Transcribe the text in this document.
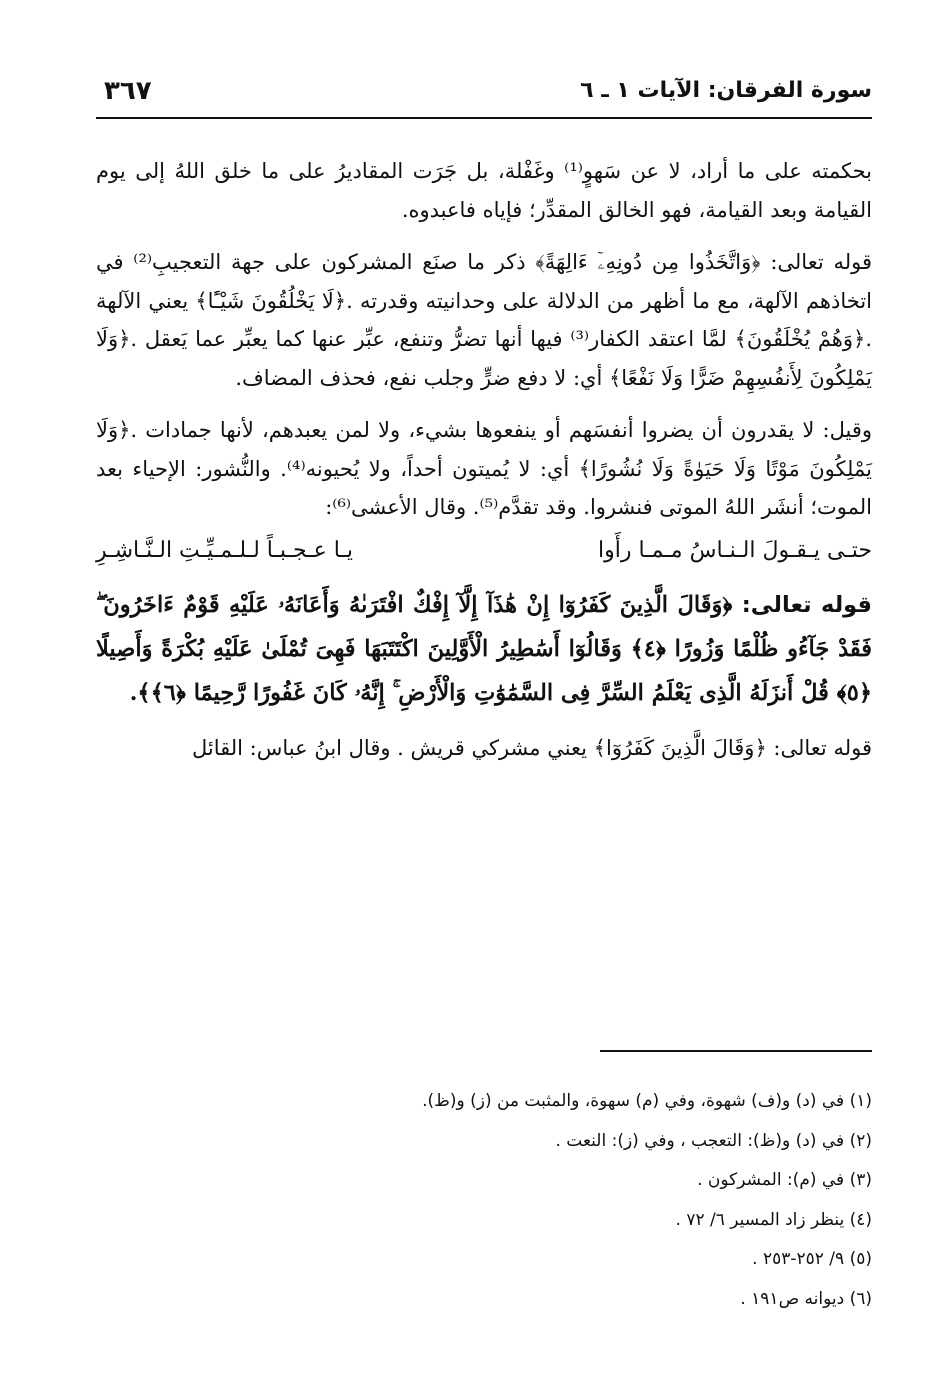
سورة الفرقان: الآيات ١ ـ ٦
٣٦٧

بحكمته على ما أراد، لا عن سَهوٍ⁽¹⁾ وغَفْلة، بل جَرَت المقاديرُ على ما خلق اللهُ إلى يوم القيامة وبعد القيامة، فهو الخالق المقدِّر؛ فإياه فاعبدوه.

قوله تعالى: ﴿وَاتَّخَذُوا مِن دُونِهِۦٓ ءَالِهَةً﴾ ذكر ما صنَع المشركون على جهة التعجيبِ⁽²⁾ في اتخاذهم الآلهة، مع ما أظهر من الدلالة على وحدانيته وقدرته .﴿لَا يَخْلُقُونَ شَيْـًٔا﴾ يعني الآلهة .﴿وَهُمْ يُخْلَقُونَ﴾ لمَّا اعتقد الكفار⁽³⁾ فيها أنها تضرُّ وتنفع، عبِّر عنها كما يعبِّر عما يَعقل .﴿وَلَا يَمْلِكُونَ لِأَنفُسِهِمْ ضَرًّا وَلَا نَفْعًا﴾ أي: لا دفع ضرٍّ وجلب نفع، فحذف المضاف.

وقيل: لا يقدرون أن يضروا أنفسَهم أو ينفعوها بشيء، ولا لمن يعبدهم، لأنها جمادات .﴿وَلَا يَمْلِكُونَ مَوْتًا وَلَا حَيَوٰةً وَلَا نُشُورًا﴾ أي: لا يُميتون أحداً، ولا يُحيونه⁽⁴⁾. والنُّشور: الإحياء بعد الموت؛ أنشَر اللهُ الموتى فنشروا. وقد تقدَّم⁽⁵⁾. وقال الأعشى⁽⁶⁾:

حتـى يـقـولَ الـنـاسُ مـمـا رأَوا
يـا عـجـبـاً لـلـمـيِّـتِ الـنَّـاشِـرِ

قوله تعالى: ﴿وَقَالَ الَّذِينَ كَفَرُوٓا إِنْ هَٰذَآ إِلَّآ إِفْكٌ افْتَرَىٰهُ وَأَعَانَهُۥ عَلَيْهِ قَوْمٌ ءَاخَرُونَ ۖ فَقَدْ جَآءُو ظُلْمًا وَزُورًا ﴿٤﴾ وَقَالُوٓا أَسَٰطِيرُ الْأَوَّلِينَ اكْتَتَبَهَا فَهِىَ تُمْلَىٰ عَلَيْهِ بُكْرَةً وَأَصِيلًا ﴿٥﴾ قُلْ أَنزَلَهُ الَّذِى يَعْلَمُ السِّرَّ فِى السَّمَٰوَٰتِ وَالْأَرْضِ ۚ إِنَّهُۥ كَانَ غَفُورًا رَّحِيمًا ﴿٦﴾﴾.

قوله تعالى: ﴿وَقَالَ الَّذِينَ كَفَرُوٓا﴾ يعني مشركي قريش . وقال ابنُ عباس: القائل

(١) في (د) و(ف) شهوة، وفي (م) سهوة، والمثبت من (ز) و(ظ).
(٢) في (د) و(ظ): التعجب ، وفي (ز): النعت .
(٣) في (م): المشركون .
(٤) ينظر زاد المسير ٦/ ٧٢ .
(٥) ٩/ ٢٥٢-٢٥٣ .
(٦) ديوانه ص١٩١ .
